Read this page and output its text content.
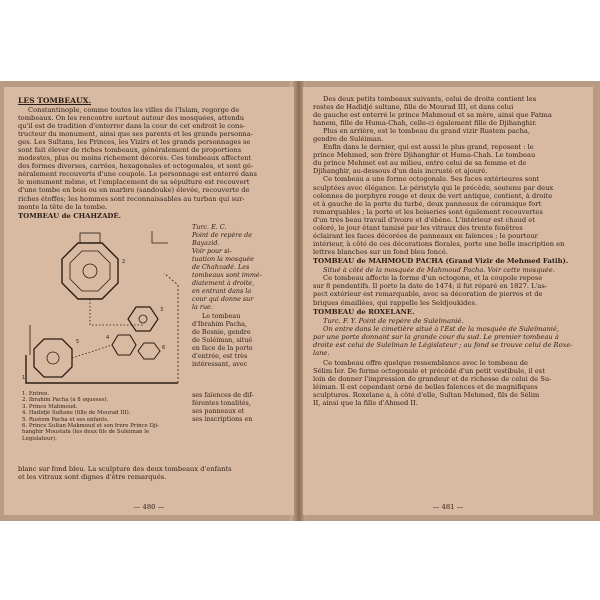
LES TOMBEAUX.
Constantinople, comme toutes les villes de l'Islam, regorge de
tombeaux. On les rencontre surtout autour des mosquées, attendu
qu'il est de tradition d'enterrer dans la cour de cet endroit le cons-
tructeur du monument, ainsi que ses parents et les grands personna-
ges. Les Sultans, les Princes, les Vizirs et les grands personnages se
sont fait élever de riches tombeaux, généralement de proportions
modestes, plus ou moins richement décorés. Ces tombeaux affectent
des formes diverses, carrées, hexagonales et octogonales, et sont gé-
néralement recouverts d'une coupole. Le personnage est enterré dans
le monument même, et l'emplacement de sa sépulture est recouvert
d'une tombe en bois ou en marbre (sandouke) élevée, recouverte de
riches étoffes; les hommes sont reconnaissables au turban qui sur-
monte la tête de la tombe.
TOMBEAU de CHAHZADÉ.
1
2
3
4
5
6
Turc. E. C.
Point de repère de
Bayazid.
Voir pour si-
tuation la mosquée
de Chahzadé. Les
tombeaux sont immé-
diatement à droite,
en entrant dans la
cour qui donne sur
la rue.
Le tombeau
d'Ibrahim Pacha,
de Bosnie, gendre
de Suléiman, situé
en face de la porte
d'entrée, est très
intéressant, avec
1. Entrée.
2. Ibrahim Pacha (à 8 oqueses).
3. Prince Mahmoud.
4. Hadidjé Sultane (fille de Mourad III).
5. Rustem Pacha et ses enfants.
6. Prince Sultan Makmoud et son frère Prince Dji-
hanghir Moustafa (les deux fils de Suléiman le
Législateur).
ses faïences de dif-
férentes tonalités,
ses panneaux et
ses inscriptions en
blanc sur fond bleu. La sculpture des deux tombeaux d'enfants
et les vitraux sont dignes d'être remarqués.
— 480 —
Des deux petits tombeaux suivants, celui de droite contient les
restes de Hadidjé sultane, fille de Mourad III, et dans celui
de gauche est enterré le prince Mahmoud et sa mère, ainsi que Fatma
hanem, fille de Huma-Chah, celle-ci également fille de Djihanghir.
Plus en arrière, est le tombeau du grand vizir Rustem pacha,
gendre de Suléiman.
Enfin dans le dernier, qui est aussi le plus grand, reposent : le
prince Mehmed, son frère Djihanghir et Huma-Chah. Le tombeau
du prince Mehmet est au milieu, entre celui de sa femme et de
Djihanghir, au-dessous d'un dais incrusté et ajouré.
Ce tombeau a une forme octogonale. Ses faces extérieures sont
sculptées avec élégance. Le péristyle qui le précède, soutenu par deux
colonnes de porphyre rouge et deux de vert antique, contient, à droite
et à gauche de la porte du turbé, deux panneaux de céramique fort
remarquables ; la porte et les boiseries sont également recouvertes
d'un très beau travail d'ivoire et d'ébène. L'intérieur est chaud et
coloré, le jour étant tamisé par les vitraux des trente fenêtres
éclairant les faces décorées de panneaux en faïences ; le pourtour
intérieur, à côté de ces décorations florales, porte une belle inscription en
lettres blanches sur un fond bleu foncé.
TOMBEAU de MAHMOUD PACHA (Grand Vizir de Mehmed Fatih).
Situé à côté de la mosquée de Mahmoud Pacha. Voir cette mosquée.
Ce tombeau affecte la forme d'un octogone, et la coupole repose
sur 8 pendentifs. Il porte la date de 1474; il fut réparé en 1827. L'as-
pect extérieur est remarquable, avec sa décoration de pierres et de
briques émaillées, qui rappelle les Seldjoukides.
TOMBEAU de ROXELANE.
Turc. F. Y. Point de repère de Suleïmanié.
On entre dans le cimetière situé à l'Est de la mosquée de Suleïmanié,
par une porte donnant sur la grande cour du sud. Le premier tombeau à
droite est celui de Suleïman le Législateur ; au fond se trouve celui de Roxe-
lane.
Ce tombeau offre quelque ressemblance avec le tombeau de
Sélim Ier. De forme octogonale et précédé d'un petit vestibule, il est
loin de donner l'impression de grandeur et de richesse de celui de Su-
léiman. Il est cependant orné de belles faïences et de magnifiques
sculptures. Roxelane a, à côté d'elle, Sultan Mehmed, fils de Sélim
II, ainsi que la fille d'Ahmed II.
— 481 —
